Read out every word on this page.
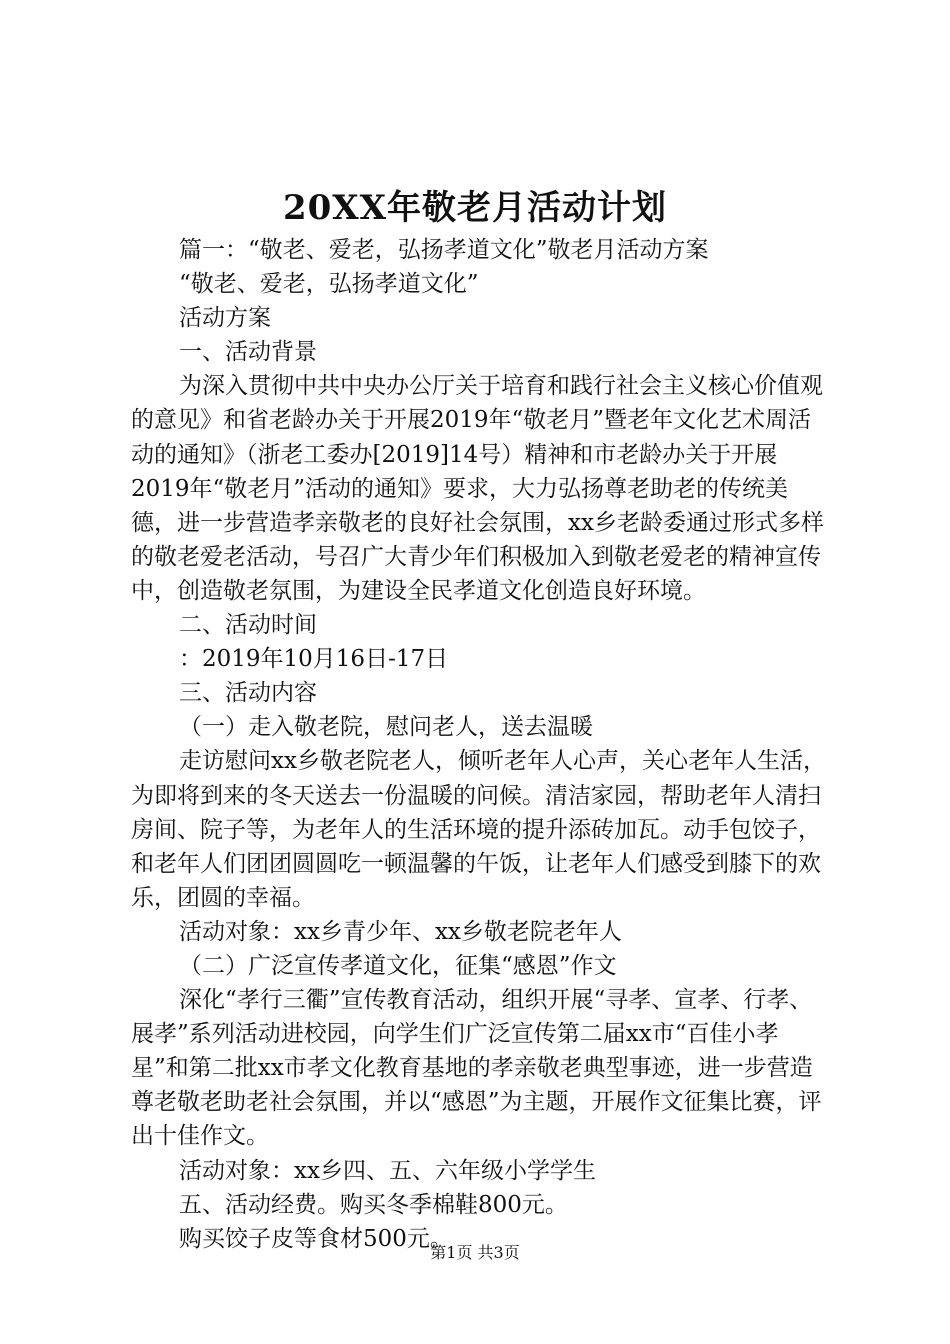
20XX年敬老月活动计划

篇一：“敬老、爱老，弘扬孝道文化”敬老月活动方案

“敬老、爱老，弘扬孝道文化”

活动方案

一、活动背景

为深入贯彻中共中央办公厅关于培育和践行社会主义核心价值观的意见》和省老龄办关于开展2019年“敬老月”暨老年文化艺术周活动的通知》（浙老工委办[2019]14号）精神和市老龄办关于开展2019年“敬老月”活动的通知》要求，大力弘扬尊老助老的传统美德，进一步营造孝亲敬老的良好社会氛围，xx乡老龄委通过形式多样的敬老爱老活动，号召广大青少年们积极加入到敬老爱老的精神宣传中，创造敬老氛围，为建设全民孝道文化创造良好环境。

二、活动时间

：2019年10月16日-17日

三、活动内容

（一）走入敬老院，慰问老人，送去温暖

走访慰问xx乡敬老院老人，倾听老年人心声，关心老年人生活，为即将到来的冬天送去一份温暖的问候。清洁家园，帮助老年人清扫房间、院子等，为老年人的生活环境的提升添砖加瓦。动手包饺子，和老年人们团团圆圆吃一顿温馨的午饭，让老年人们感受到膝下的欢乐，团圆的幸福。

活动对象：xx乡青少年、xx乡敬老院老年人

（二）广泛宣传孝道文化，征集“感恩”作文

深化“孝行三衢”宣传教育活动，组织开展“寻孝、宣孝、行孝、展孝”系列活动进校园，向学生们广泛宣传第二届xx市“百佳小孝星”和第二批xx市孝文化教育基地的孝亲敬老典型事迹，进一步营造尊老敬老助老社会氛围，并以“感恩”为主题，开展作文征集比赛，评出十佳作文。

活动对象：xx乡四、五、六年级小学学生

五、活动经费。购买冬季棉鞋800元。

购买饺子皮等食材500元。

第1页 共3页
